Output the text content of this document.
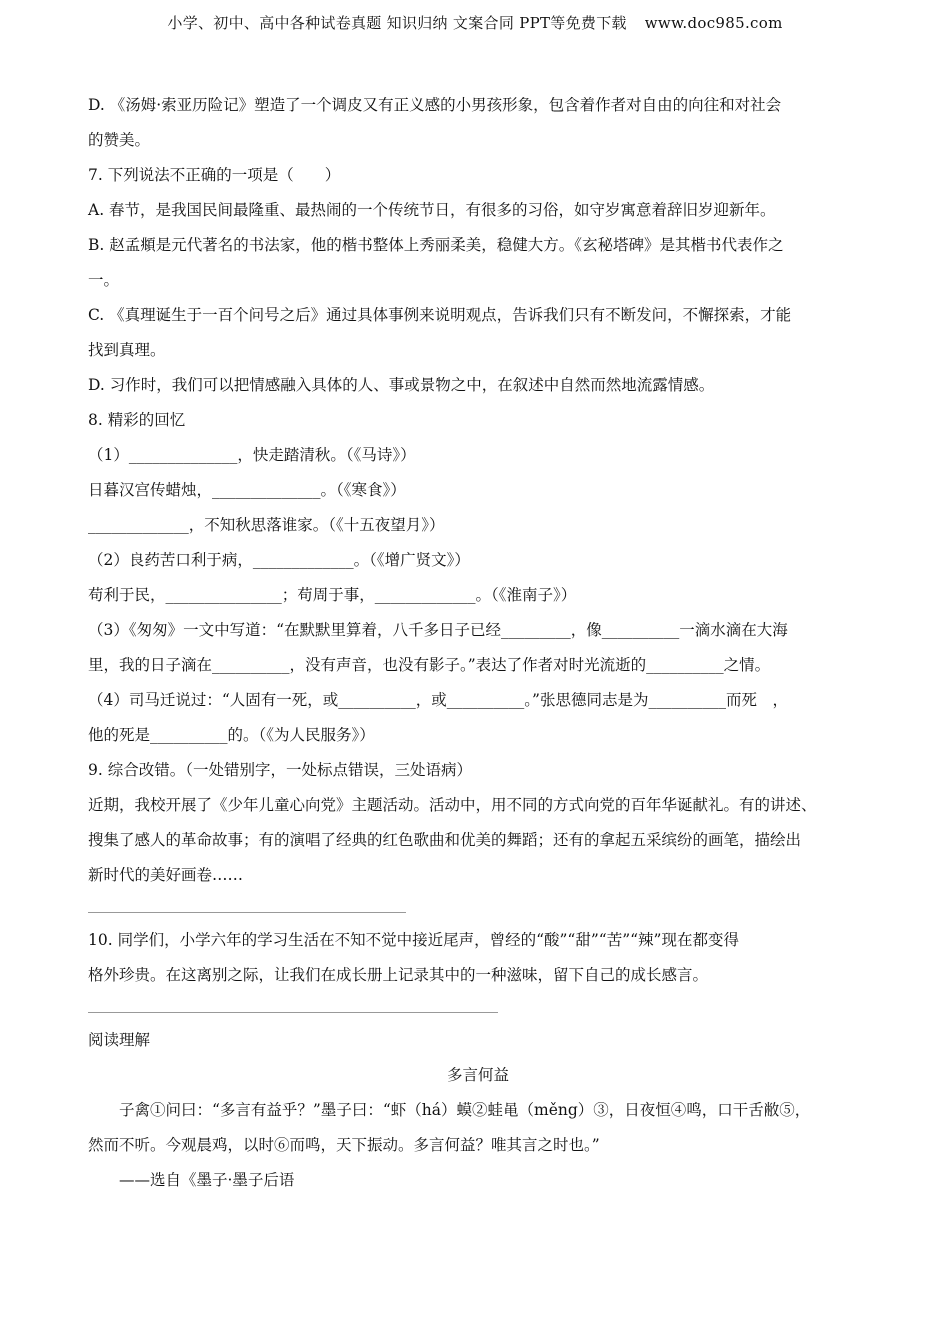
小学、初中、高中各种试卷真题 知识归纳 文案合同 PPT等免费下载 www.doc985.com

D. 《汤姆·索亚历险记》塑造了一个调皮又有正义感的小男孩形象，包含着作者对自由的向往和对社会

的赞美。

7. 下列说法不正确的一项是（　　）

A. 春节，是我国民间最隆重、最热闹的一个传统节日，有很多的习俗，如守岁寓意着辞旧岁迎新年。

B. 赵孟頫是元代著名的书法家，他的楷书整体上秀丽柔美，稳健大方。《玄秘塔碑》是其楷书代表作之

一。

C. 《真理诞生于一百个问号之后》通过具体事例来说明观点，告诉我们只有不断发问，不懈探索，才能

找到真理。

D. 习作时，我们可以把情感融入具体的人、事或景物之中，在叙述中自然而然地流露情感。

8. 精彩的回忆

（1）______________，快走踏清秋。（《马诗》）

日暮汉宫传蜡烛，______________。（《寒食》）

_____________，不知秋思落谁家。（《十五夜望月》）

（2）良药苦口利于病，_____________。（《增广贤文》）

苟利于民，_______________；苟周于事，_____________。（《淮南子》）

（3）《匆匆》一文中写道：“在默默里算着，八千多日子已经_________，像__________一滴水滴在大海

里，我的日子滴在__________，没有声音，也没有影子。”表达了作者对时光流逝的__________之情。

（4）司马迁说过：“人固有一死，或__________，或__________。”张思德同志是为__________而死　，

他的死是__________的。（《为人民服务》）

9. 综合改错。（一处错别字，一处标点错误，三处语病）

近期，我校开展了《少年儿童心向党》主题活动。活动中，用不同的方式向党的百年华诞献礼。有的讲述、

搜集了感人的革命故事；有的演唱了经典的红色歌曲和优美的舞蹈；还有的拿起五采缤纷的画笔，描绘出

新时代的美好画卷……

10. 同学们，小学六年的学习生活在不知不觉中接近尾声，曾经的“酸”“甜”“苦”“辣”现在都变得

格外珍贵。在这离别之际，让我们在成长册上记录其中的一种滋味，留下自己的成长感言。

阅读理解

多言何益

子禽①问曰：“多言有益乎？”墨子曰：“虾（há）蟆②蛙黾（měng）③，日夜恒④鸣，口干舌敝⑤，

然而不听。今观晨鸡，以时⑥而鸣，天下振动。多言何益？唯其言之时也。”

——选自《墨子·墨子后语
